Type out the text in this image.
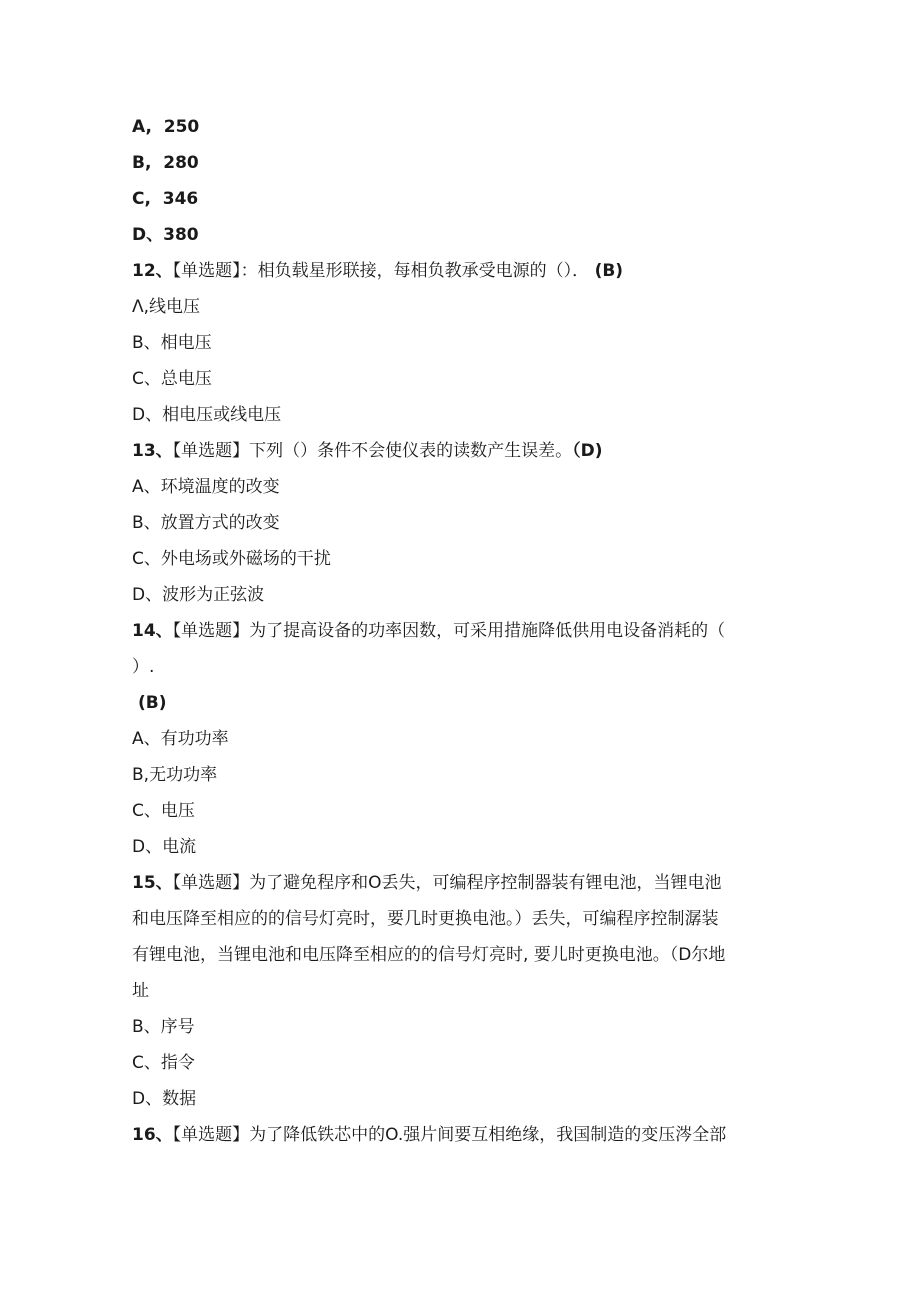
A,  250
B,  280
C,  346
D、380
12、【单选题】：相负载星形联接，每相负教承受电源的（）． (B)
Λ,线电压
B、相电压
C、总电压
D、相电压或线电压
13、【单选题】下列（）条件不会使仪表的读数产生误差。（D)
A、环境温度的改变
B、放置方式的改变
C、外电场或外磁场的干扰
D、波形为正弦波
14、【单选题】为了提高设备的功率因数，可采用措施降低供用电设备消耗的（
）.
(B)
A、有功功率
B,无功功率
C、电压
D、电流
15、【单选题】为了避免程序和O丢失，可编程序控制器装有锂电池，当锂电池
和电压降至相应的的信号灯亮时，要几时更换电池。）丢失，可编程序控制潺装
有锂电池，当锂电池和电压降至相应的的信号灯亮时, 要儿时更换电池。（D尔地
址
B、序号
C、指令
D、数据
16、【单选题】为了降低铁芯中的O.强片间要互相绝缘，我国制造的变压涔全部
